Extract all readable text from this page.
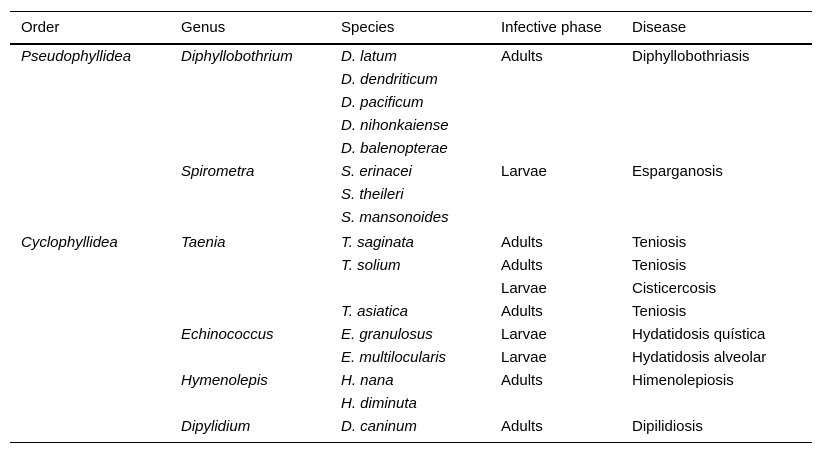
Order	Genus	Species	Infective phase	Disease
Pseudophyllidea	Diphyllobothrium	D. latum	Adults	Diphyllobothriasis
		D. dendriticum		
		D. pacificum		
		D. nihonkaiense		
		D. balenopterae		
	Spirometra	S. erinacei	Larvae	Esparganosis
		S. theileri		
		S. mansonoides		
Cyclophyllidea	Taenia	T. saginata	Adults	Teniosis
		T. solium	Adults	Teniosis
			Larvae	Cisticercosis
		T. asiatica	Adults	Teniosis
	Echinococcus	E. granulosus	Larvae	Hydatidosis quística
		E. multilocularis	Larvae	Hydatidosis alveolar
	Hymenolepis	H. nana	Adults	Himenolepiosis
		H. diminuta		
	Dipylidium	D. caninum	Adults	Dipilidiosis
